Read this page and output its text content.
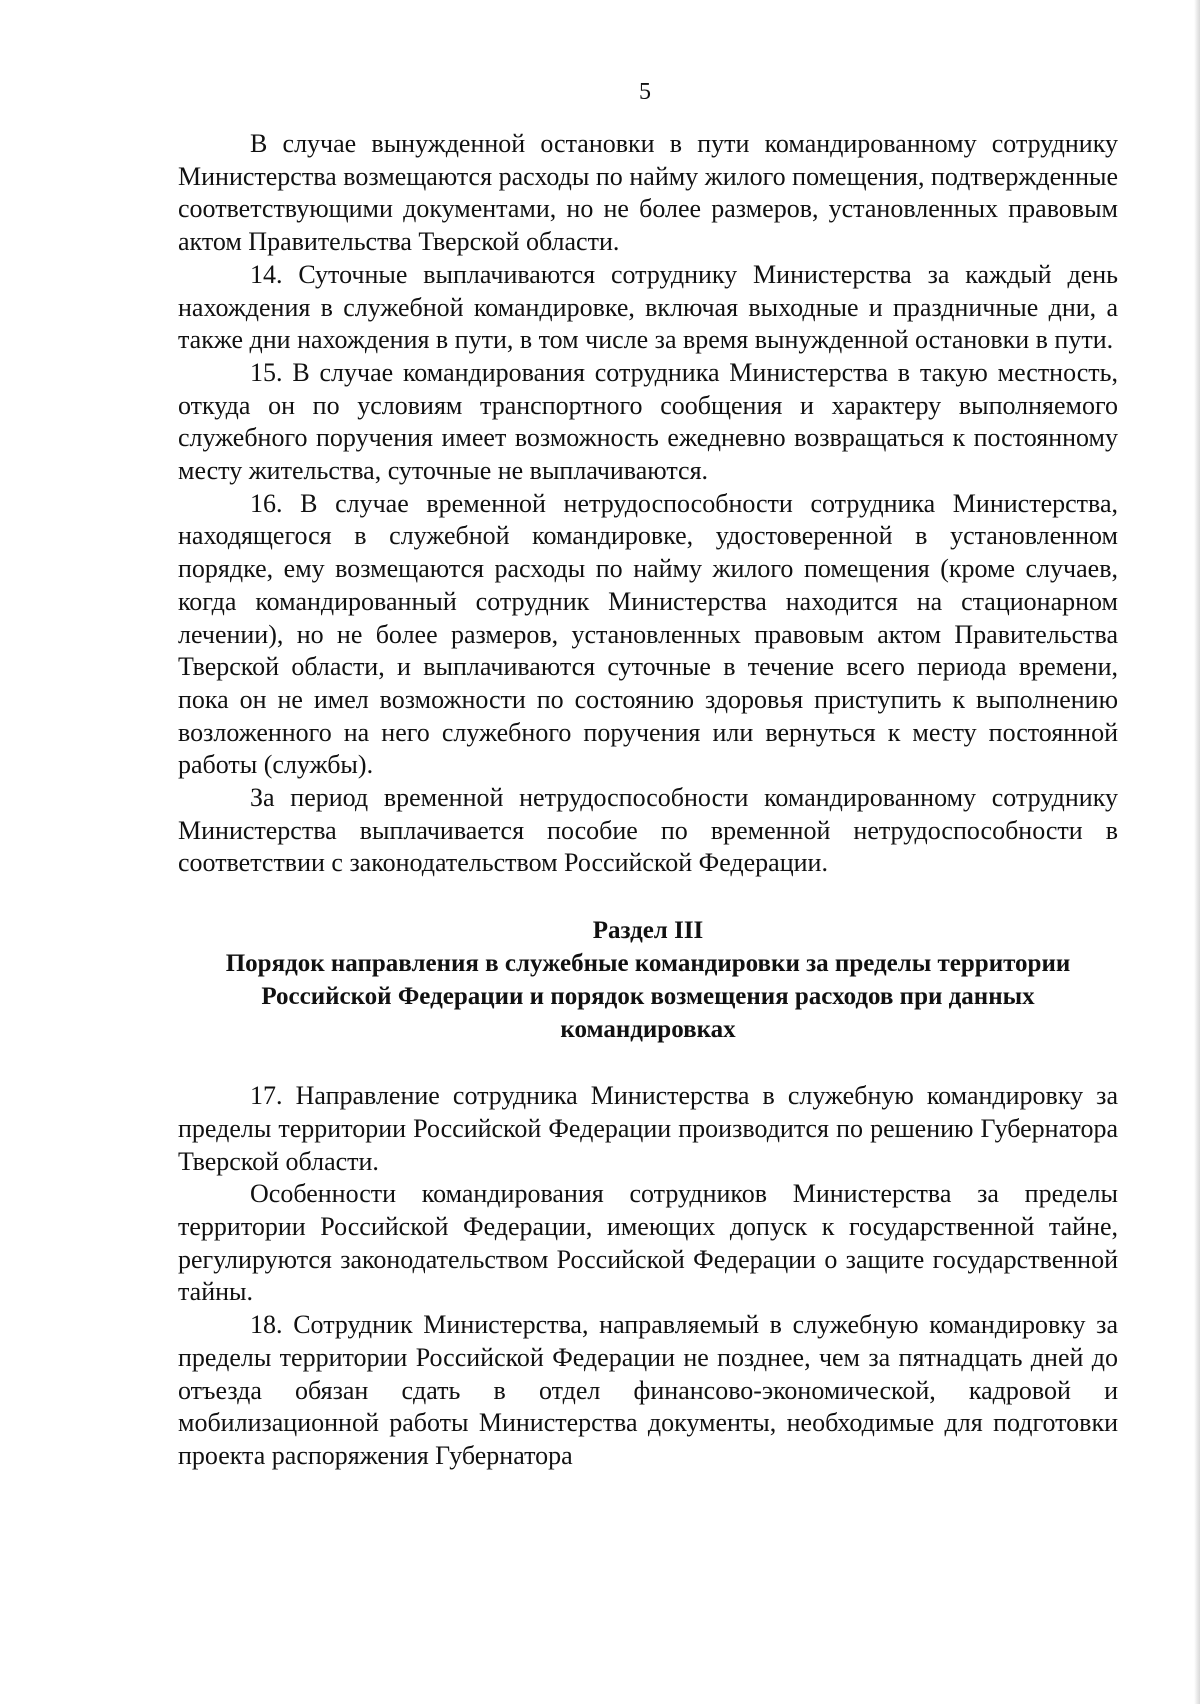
5

В случае вынужденной остановки в пути командированному сотруднику Министерства возмещаются расходы по найму жилого помещения, подтвержденные соответствующими документами, но не более размеров, установленных правовым актом Правительства Тверской области.

14. Суточные выплачиваются сотруднику Министерства за каждый день нахождения в служебной командировке, включая выходные и праздничные дни, а также дни нахождения в пути, в том числе за время вынужденной остановки в пути.

15. В случае командирования сотрудника Министерства в такую местность, откуда он по условиям транспортного сообщения и характеру выполняемого служебного поручения имеет возможность ежедневно возвращаться к постоянному месту жительства, суточные не выплачиваются.

16. В случае временной нетрудоспособности сотрудника Министерства, находящегося в служебной командировке, удостоверенной в установленном порядке, ему возмещаются расходы по найму жилого помещения (кроме случаев, когда командированный сотрудник Министерства находится на стационарном лечении), но не более размеров, установленных правовым актом Правительства Тверской области, и выплачиваются суточные в течение всего периода времени, пока он не имел возможности по состоянию здоровья приступить к выполнению возложенного на него служебного поручения или вернуться к месту постоянной работы (службы).

За период временной нетрудоспособности командированному сотруднику Министерства выплачивается пособие по временной нетрудоспособности в соответствии с законодательством Российской Федерации.

Раздел III

Порядок направления в служебные командировки за пределы территории Российской Федерации и порядок возмещения расходов при данных командировках

17. Направление сотрудника Министерства в служебную командировку за пределы территории Российской Федерации производится по решению Губернатора Тверской области.

Особенности командирования сотрудников Министерства за пределы территории Российской Федерации, имеющих допуск к государственной тайне, регулируются законодательством Российской Федерации о защите государственной тайны.

18. Сотрудник Министерства, направляемый в служебную командировку за пределы территории Российской Федерации не позднее, чем за пятнадцать дней до отъезда обязан сдать в отдел финансово-экономической, кадровой и мобилизационной работы Министерства документы, необходимые для подготовки проекта распоряжения Губернатора
